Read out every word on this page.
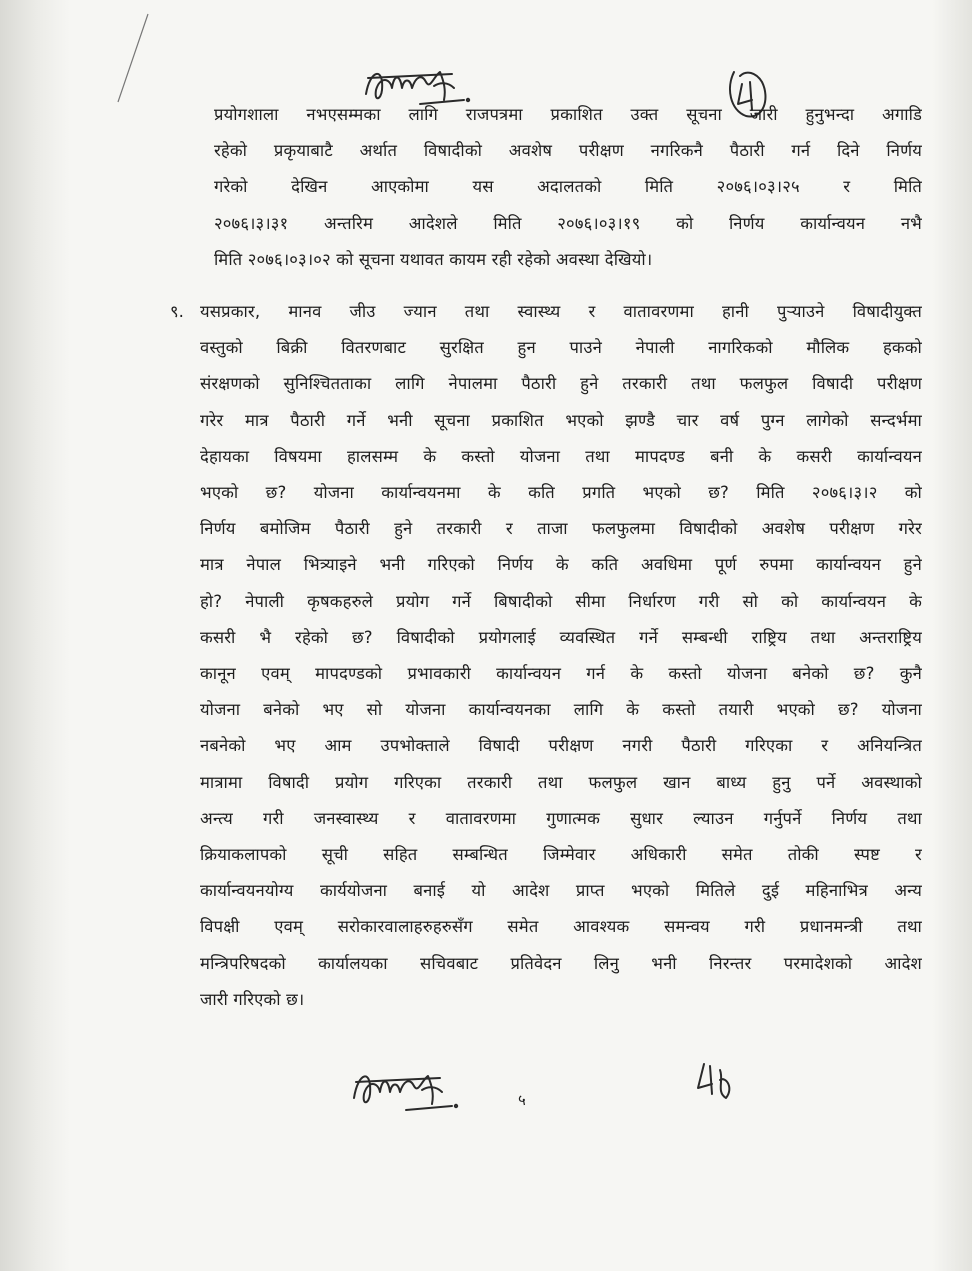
प्रयोगशाला नभएसम्मका लागि राजपत्रमा प्रकाशित उक्त सूचना जारी हुनुभन्दा अगाडि
रहेको प्रकृयाबाटै अर्थात विषादीको अवशेष परीक्षण नगरिकनै पैठारी गर्न दिने निर्णय
गरेको देखिन आएकोमा यस अदालतको मिति २०७६।०३।२५ र मिति
२०७६।३।३१ अन्तरिम आदेशले मिति २०७६।०३।१९ को निर्णय कार्यान्वयन नभै
मिति २०७६।०३।०२ को सूचना यथावत कायम रही रहेको अवस्था देखियो।
९. यसप्रकार, मानव जीउ ज्यान तथा स्वास्थ्य र वातावरणमा हानी पुऱ्याउने विषादीयुक्त
वस्तुको बिक्री वितरणबाट सुरक्षित हुन पाउने नेपाली नागरिकको मौलिक हकको
संरक्षणको सुनिश्चितताका लागि नेपालमा पैठारी हुने तरकारी तथा फलफुल विषादी परीक्षण
गरेर मात्र पैठारी गर्ने भनी सूचना प्रकाशित भएको झण्डै चार वर्ष पुग्न लागेको सन्दर्भमा
देहायका विषयमा हालसम्म के कस्तो योजना तथा मापदण्ड बनी के कसरी कार्यान्वयन
भएको छ? योजना कार्यान्वयनमा के कति प्रगति भएको छ? मिति २०७६।३।२ को
निर्णय बमोजिम पैठारी हुने तरकारी र ताजा फलफुलमा विषादीको अवशेष परीक्षण गरेर
मात्र नेपाल भित्र्याइने भनी गरिएको निर्णय के कति अवधिमा पूर्ण रुपमा कार्यान्वयन हुने
हो? नेपाली कृषकहरुले प्रयोग गर्ने बिषादीको सीमा निर्धारण गरी सो को कार्यान्वयन के
कसरी भै रहेको छ? विषादीको प्रयोगलाई व्यवस्थित गर्ने सम्बन्धी राष्ट्रिय तथा अन्तराष्ट्रिय
कानून एवम् मापदण्डको प्रभावकारी कार्यान्वयन गर्न के कस्तो योजना बनेको छ? कुनै
योजना बनेको भए सो योजना कार्यान्वयनका लागि के कस्तो तयारी भएको छ? योजना
नबनेको भए आम उपभोक्ताले विषादी परीक्षण नगरी पैठारी गरिएका र अनियन्त्रित
मात्रामा विषादी प्रयोग गरिएका तरकारी तथा फलफुल खान बाध्य हुनु पर्ने अवस्थाको
अन्त्य गरी जनस्वास्थ्य र वातावरणमा गुणात्मक सुधार ल्याउन गर्नुपर्ने निर्णय तथा
क्रियाकलापको सूची सहित सम्बन्धित जिम्मेवार अधिकारी समेत तोकी स्पष्ट र
कार्यान्वयनयोग्य कार्ययोजना बनाई यो आदेश प्राप्त भएको मितिले दुई महिनाभित्र अन्य
विपक्षी एवम् सरोकारवालाहरुहरुसँग समेत आवश्यक समन्वय गरी प्रधानमन्त्री तथा
मन्त्रिपरिषदको कार्यालयका सचिवबाट प्रतिवेदन लिनु भनी निरन्तर परमादेशको आदेश
जारी गरिएको छ।
५
